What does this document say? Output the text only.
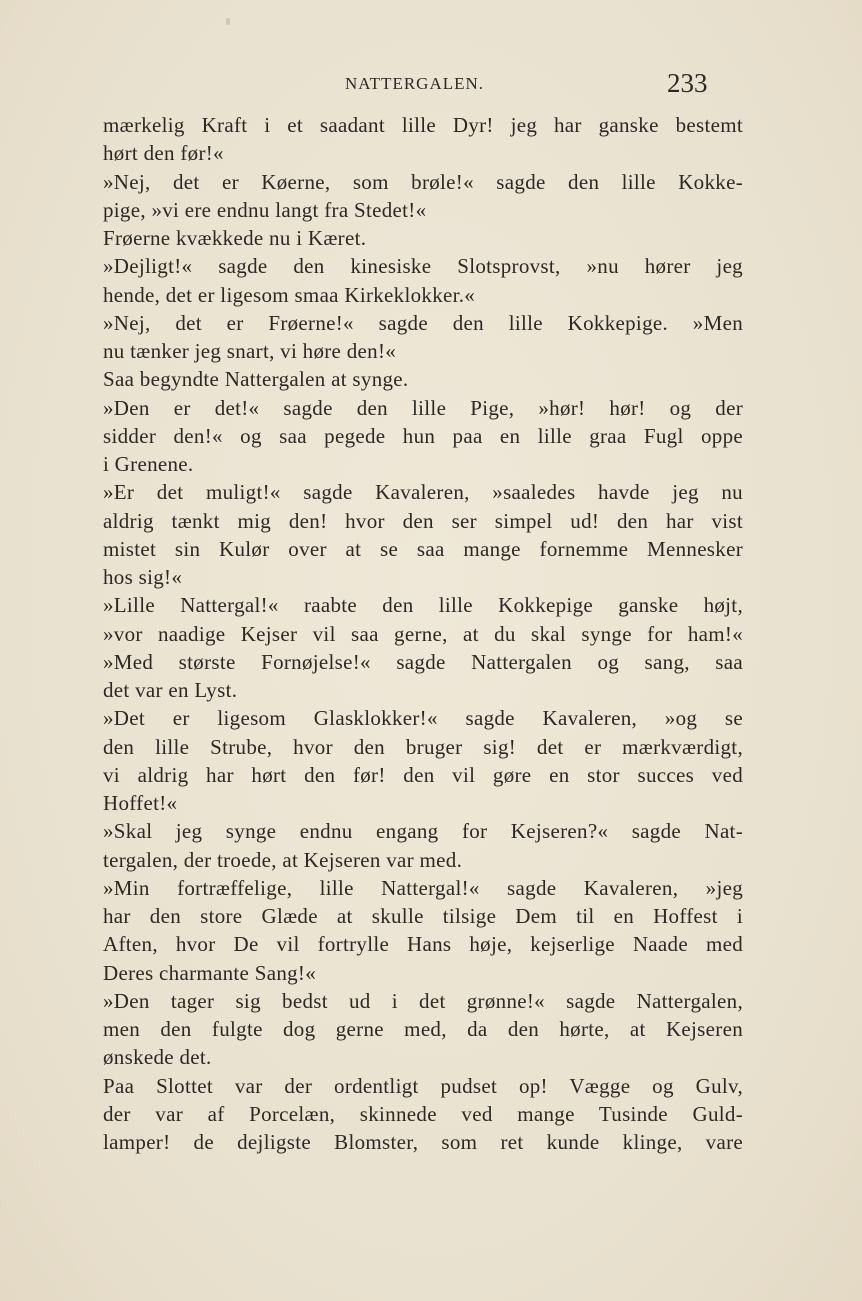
NATTERGALEN.	233
mærkelig Kraft i et saadant lille Dyr! jeg har ganske bestemt
hørt den før!«
»Nej, det er Køerne, som brøle!« sagde den lille Kokke-
pige, »vi ere endnu langt fra Stedet!«
Frøerne kvækkede nu i Kæret.
»Dejligt!« sagde den kinesiske Slotsprovst, »nu hører jeg
hende, det er ligesom smaa Kirkeklokker.«
»Nej, det er Frøerne!« sagde den lille Kokkepige. »Men
nu tænker jeg snart, vi høre den!«
Saa begyndte Nattergalen at synge.
»Den er det!« sagde den lille Pige, »hør! hør! og der
sidder den!« og saa pegede hun paa en lille graa Fugl oppe
i Grenene.
»Er det muligt!« sagde Kavaleren, »saaledes havde jeg nu
aldrig tænkt mig den! hvor den ser simpel ud! den har vist
mistet sin Kulør over at se saa mange fornemme Mennesker
hos sig!«
»Lille Nattergal!« raabte den lille Kokkepige ganske højt,
»vor naadige Kejser vil saa gerne, at du skal synge for ham!«
»Med største Fornøjelse!« sagde Nattergalen og sang, saa
det var en Lyst.
»Det er ligesom Glasklokker!« sagde Kavaleren, »og se
den lille Strube, hvor den bruger sig! det er mærkværdigt,
vi aldrig har hørt den før! den vil gøre en stor succes ved
Hoffet!«
»Skal jeg synge endnu engang for Kejseren?« sagde Nat-
tergalen, der troede, at Kejseren var med.
»Min fortræffelige, lille Nattergal!« sagde Kavaleren, »jeg
har den store Glæde at skulle tilsige Dem til en Hoffest i
Aften, hvor De vil fortrylle Hans høje, kejserlige Naade med
Deres charmante Sang!«
»Den tager sig bedst ud i det grønne!« sagde Nattergalen,
men den fulgte dog gerne med, da den hørte, at Kejseren
ønskede det.
Paa Slottet var der ordentligt pudset op! Vægge og Gulv,
der var af Porcelæn, skinnede ved mange Tusinde Guld-
lamper! de dejligste Blomster, som ret kunde klinge, vare
